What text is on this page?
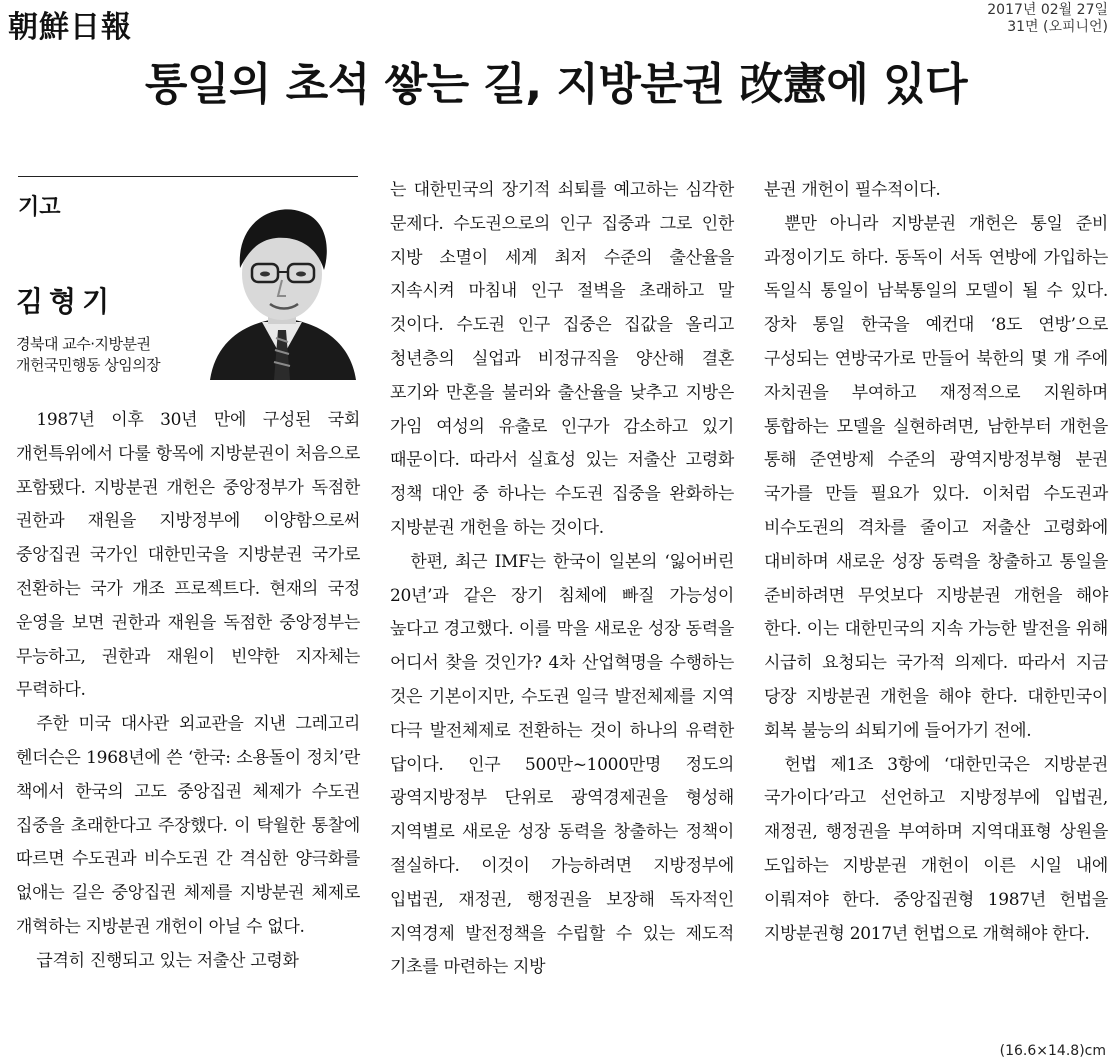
朝鮮日報	2017년 02월 27일
31면 (오피니언)
통일의 초석 쌓는 길, 지방분권 改憲에 있다
기고
김형기
경북대 교수·지방분권
개헌국민행동 상임의장

1987년 이후 30년 만에 구성된 국회 개헌특위에서 다룰 항목에 지방분권이 처음으로 포함됐다. 지방분권 개헌은 중앙정부가 독점한 권한과 재원을 지방정부에 이양함으로써 중앙집권 국가인 대한민국을 지방분권 국가로 전환하는 국가 개조 프로젝트다. 현재의 국정 운영을 보면 권한과 재원을 독점한 중앙정부는 무능하고, 권한과 재원이 빈약한 지자체는 무력하다.

주한 미국 대사관 외교관을 지낸 그레고리 헨더슨은 1968년에 쓴 ‘한국: 소용돌이 정치’란 책에서 한국의 고도 중앙집권 체제가 수도권 집중을 초래한다고 주장했다. 이 탁월한 통찰에 따르면 수도권과 비수도권 간 격심한 양극화를 없애는 길은 중앙집권 체제를 지방분권 체제로 개혁하는 지방분권 개헌이 아닐 수 없다.

급격히 진행되고 있는 저출산 고령화

는 대한민국의 장기적 쇠퇴를 예고하는 심각한 문제다. 수도권으로의 인구 집중과 그로 인한 지방 소멸이 세계 최저 수준의 출산율을 지속시켜 마침내 인구 절벽을 초래하고 말 것이다. 수도권 인구 집중은 집값을 올리고 청년층의 실업과 비정규직을 양산해 결혼 포기와 만혼을 불러와 출산율을 낮추고 지방은 가임 여성의 유출로 인구가 감소하고 있기 때문이다. 따라서 실효성 있는 저출산 고령화 정책 대안 중 하나는 수도권 집중을 완화하는 지방분권 개헌을 하는 것이다.

한편, 최근 IMF는 한국이 일본의 ‘잃어버린 20년’과 같은 장기 침체에 빠질 가능성이 높다고 경고했다. 이를 막을 새로운 성장 동력을 어디서 찾을 것인가? 4차 산업혁명을 수행하는 것은 기본이지만, 수도권 일극 발전체제를 지역 다극 발전체제로 전환하는 것이 하나의 유력한 답이다. 인구 500만~1000만명 정도의 광역지방정부 단위로 광역경제권을 형성해 지역별로 새로운 성장 동력을 창출하는 정책이 절실하다. 이것이 가능하려면 지방정부에 입법권, 재정권, 행정권을 보장해 독자적인 지역경제 발전정책을 수립할 수 있는 제도적 기초를 마련하는 지방

분권 개헌이 필수적이다.

뿐만 아니라 지방분권 개헌은 통일 준비 과정이기도 하다. 동독이 서독 연방에 가입하는 독일식 통일이 남북통일의 모델이 될 수 있다. 장차 통일 한국을 예컨대 ‘8도 연방’으로 구성되는 연방국가로 만들어 북한의 몇 개 주에 자치권을 부여하고 재정적으로 지원하며 통합하는 모델을 실현하려면, 남한부터 개헌을 통해 준연방제 수준의 광역지방정부형 분권 국가를 만들 필요가 있다. 이처럼 수도권과 비수도권의 격차를 줄이고 저출산 고령화에 대비하며 새로운 성장 동력을 창출하고 통일을 준비하려면 무엇보다 지방분권 개헌을 해야 한다. 이는 대한민국의 지속 가능한 발전을 위해 시급히 요청되는 국가적 의제다. 따라서 지금 당장 지방분권 개헌을 해야 한다. 대한민국이 회복 불능의 쇠퇴기에 들어가기 전에.

헌법 제1조 3항에 ‘대한민국은 지방분권 국가이다’라고 선언하고 지방정부에 입법권, 재정권, 행정권을 부여하며 지역대표형 상원을 도입하는 지방분권 개헌이 이른 시일 내에 이뤄져야 한다. 중앙집권형 1987년 헌법을 지방분권형 2017년 헌법으로 개혁해야 한다.

(16.6×14.8)cm
